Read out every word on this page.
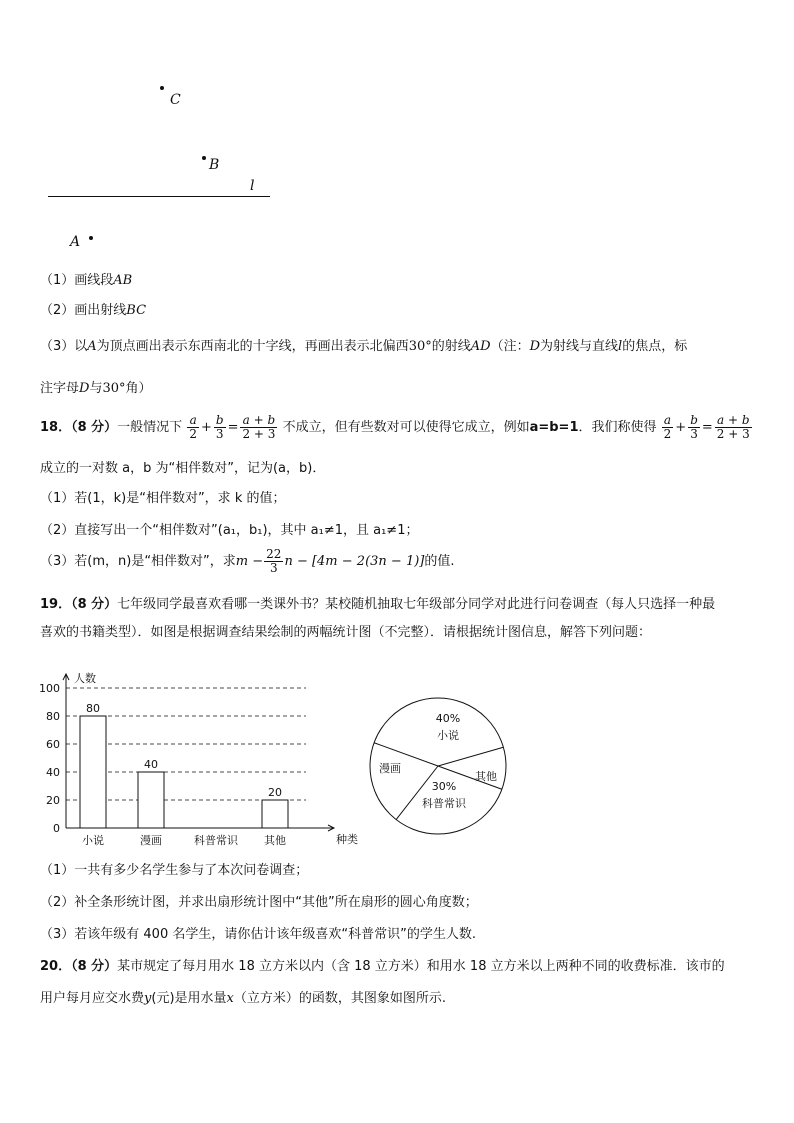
C
B
l
A
（1）画线段AB
（2）画出射线BC
（3）以A为顶点画出表示东西南北的十字线，再画出表示北偏西30°的射线AD（注：D为射线与直线l的焦点，标
注字母D与30°角）
18．（8 分）一般情况下 $\frac{a}{2} + \frac{b}{3} = \frac{a + b}{2 + 3}$ 不成立，但有些数对可以使得它成立，例如a=b=1．我们称使得 $\frac{a}{2} + \frac{b}{3} = \frac{a + b}{2 + 3}$
成立的一对数 a，b 为“相伴数对”，记为(a，b)．
（1）若(1，k)是“相伴数对”，求 k 的值；
（2）直接写出一个“相伴数对”(a₁，b₁)，其中 a₁≠1，且 a₁≠1；
（3）若(m，n)是“相伴数对”，求$m - \frac{22}{3}$ n − [4m − 2(3n − 1)]的值.
19．（8 分）七年级同学最喜欢看哪一类课外书？某校随机抽取七年级部分同学对此进行问卷调查（每人只选择一种最
喜欢的书籍类型）．如图是根据调查结果绘制的两幅统计图（不完整）．请根据统计图信息，解答下列问题：
人数
种类
0
20
40
60
80
100
小说
80
漫画
40
科普常识 其他
20
40%
小说
其他
30%
科普常识
漫画
（1）一共有多少名学生参与了本次问卷调查；
（2）补全条形统计图，并求出扇形统计图中“其他”所在扇形的圆心角度数；
（3）若该年级有 400 名学生，请你估计该年级喜欢“科普常识”的学生人数.
20．（8 分）某市规定了每月用水 18 立方米以内（含 18 立方米）和用水 18 立方米以上两种不同的收费标准．该市的
用户每月应交水费y(元)是用水量x（立方米）的函数，其图象如图所示.
